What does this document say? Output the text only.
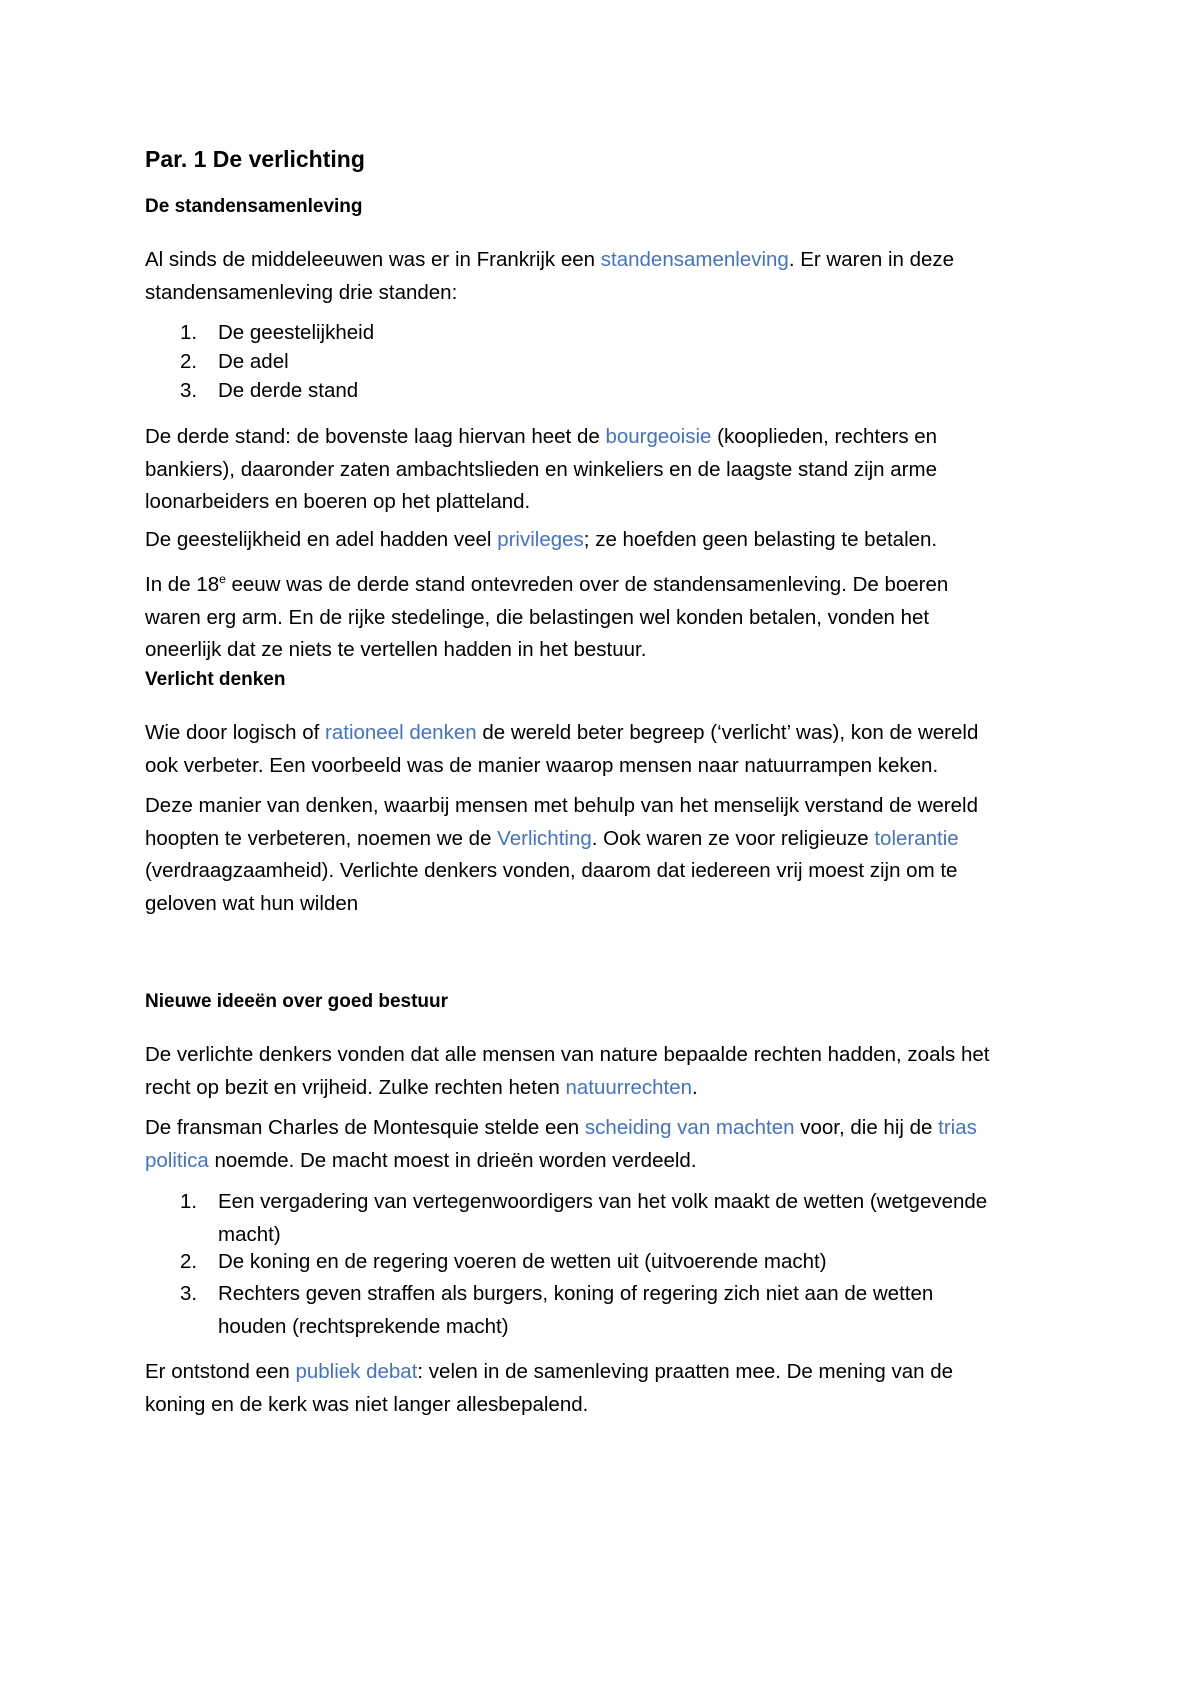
Par. 1 De verlichting
De standensamenleving
Al sinds de middeleeuwen was er in Frankrijk een standensamenleving. Er waren in deze
standensamenleving drie standen:
1. De geestelijkheid
2. De adel
3. De derde stand
De derde stand: de bovenste laag hiervan heet de bourgeoisie (kooplieden, rechters en
bankiers), daaronder zaten ambachtslieden en winkeliers en de laagste stand zijn arme
loonarbeiders en boeren op het platteland.
De geestelijkheid en adel hadden veel privileges; ze hoefden geen belasting te betalen.
In de 18e eeuw was de derde stand ontevreden over de standensamenleving. De boeren
waren erg arm. En de rijke stedelinge, die belastingen wel konden betalen, vonden het
oneerlijk dat ze niets te vertellen hadden in het bestuur.
Verlicht denken
Wie door logisch of rationeel denken de wereld beter begreep (‘verlicht’ was), kon de wereld
ook verbeter. Een voorbeeld was de manier waarop mensen naar natuurrampen keken.
Deze manier van denken, waarbij mensen met behulp van het menselijk verstand de wereld
hoopten te verbeteren, noemen we de Verlichting. Ook waren ze voor religieuze tolerantie
(verdraagzaamheid). Verlichte denkers vonden, daarom dat iedereen vrij moest zijn om te
geloven wat hun wilden
Nieuwe ideeën over goed bestuur
De verlichte denkers vonden dat alle mensen van nature bepaalde rechten hadden, zoals het
recht op bezit en vrijheid. Zulke rechten heten natuurrechten.
De fransman Charles de Montesquie stelde een scheiding van machten voor, die hij de trias
politica noemde. De macht moest in drieën worden verdeeld.
1. Een vergadering van vertegenwoordigers van het volk maakt de wetten (wetgevende
macht)
2. De koning en de regering voeren de wetten uit (uitvoerende macht)
3. Rechters geven straffen als burgers, koning of regering zich niet aan de wetten
houden (rechtsprekende macht)
Er ontstond een publiek debat: velen in de samenleving praatten mee. De mening van de
koning en de kerk was niet langer allesbepalend.
